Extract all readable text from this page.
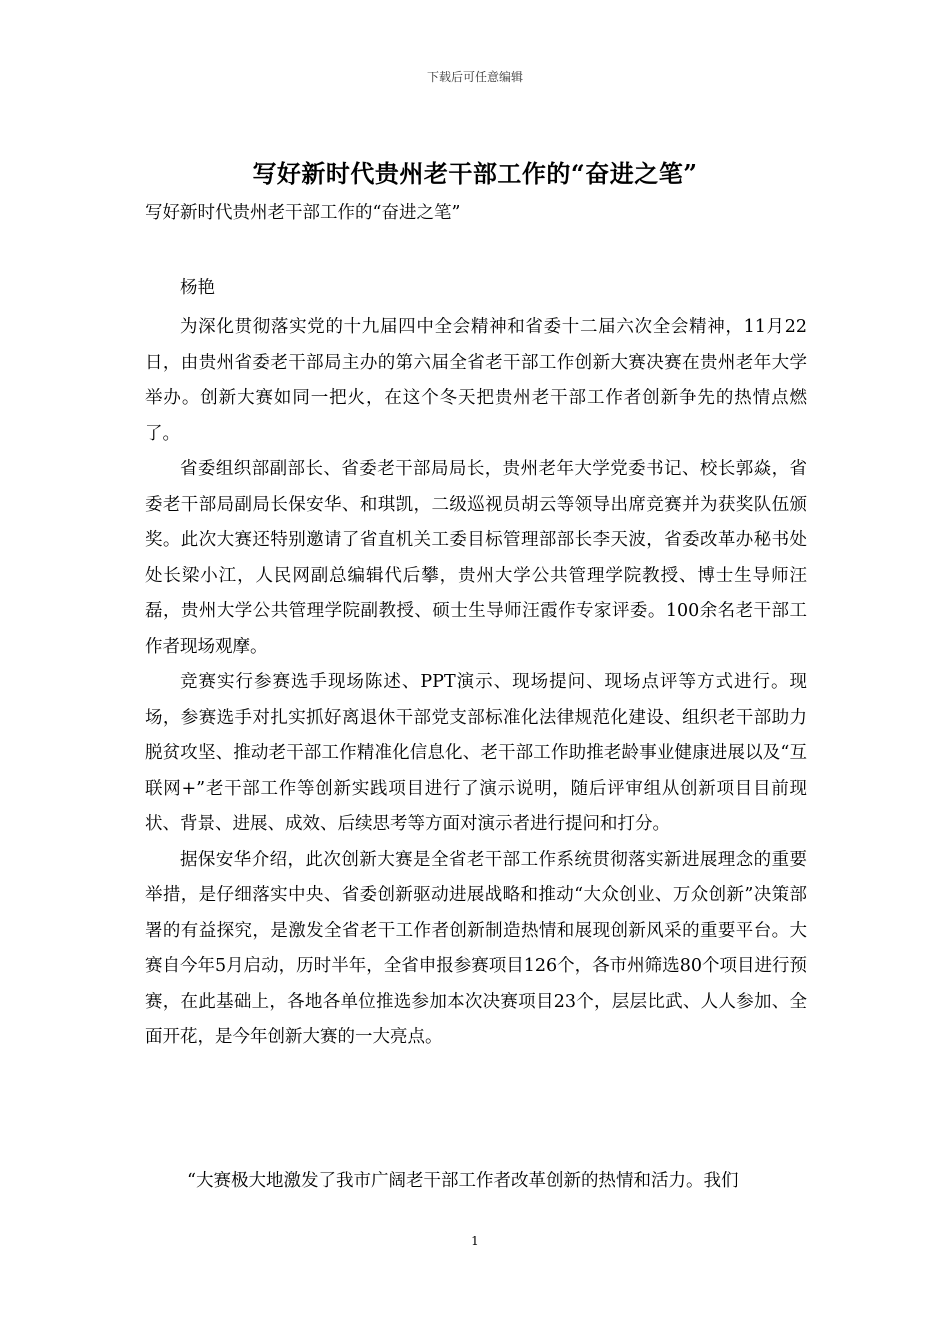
下载后可任意编辑
写好新时代贵州老干部工作的“奋进之笔”
写好新时代贵州老干部工作的“奋进之笔”
杨艳

为深化贯彻落实党的十九届四中全会精神和省委十二届六次全会精神，11月22日，由贵州省委老干部局主办的第六届全省老干部工作创新大赛决赛在贵州老年大学举办。创新大赛如同一把火，在这个冬天把贵州老干部工作者创新争先的热情点燃了。

省委组织部副部长、省委老干部局局长，贵州老年大学党委书记、校长郭焱，省委老干部局副局长保安华、和琪凯，二级巡视员胡云等领导出席竞赛并为获奖队伍颁奖。此次大赛还特别邀请了省直机关工委目标管理部部长李天波，省委改革办秘书处处长梁小江，人民网副总编辑代后攀，贵州大学公共管理学院教授、博士生导师汪磊，贵州大学公共管理学院副教授、硕士生导师汪霞作专家评委。100余名老干部工作者现场观摩。

竞赛实行参赛选手现场陈述、PPT演示、现场提问、现场点评等方式进行。现场，参赛选手对扎实抓好离退休干部党支部标准化法律规范化建设、组织老干部助力脱贫攻坚、推动老干部工作精准化信息化、老干部工作助推老龄事业健康进展以及“互联网+”老干部工作等创新实践项目进行了演示说明，随后评审组从创新项目目前现状、背景、进展、成效、后续思考等方面对演示者进行提问和打分。

据保安华介绍，此次创新大赛是全省老干部工作系统贯彻落实新进展理念的重要举措，是仔细落实中央、省委创新驱动进展战略和推动“大众创业、万众创新”决策部署的有益探究，是激发全省老干工作者创新制造热情和展现创新风采的重要平台。大赛自今年5月启动，历时半年，全省申报参赛项目126个，各市州筛选80个项目进行预赛，在此基础上，各地各单位推选参加本次决赛项目23个，层层比武、人人参加、全面开花，是今年创新大赛的一大亮点。

“大赛极大地激发了我市广阔老干部工作者改革创新的热情和活力。我们
1
